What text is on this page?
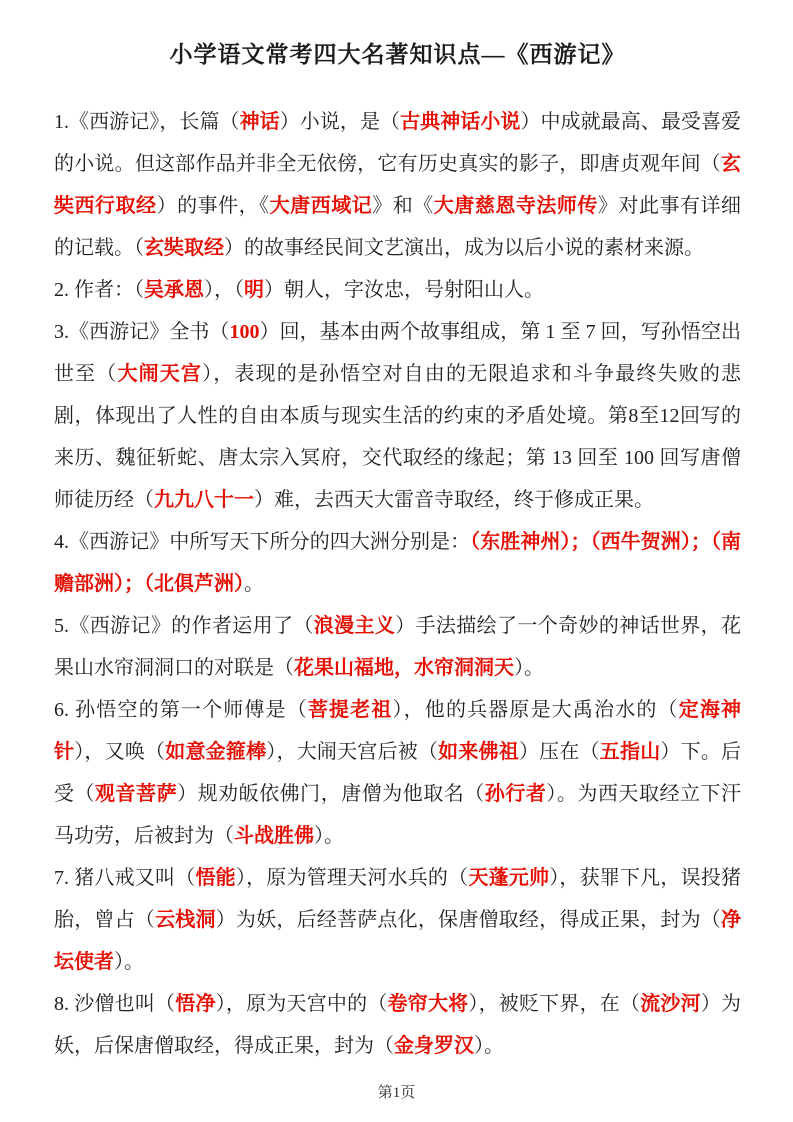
小学语文常考四大名著知识点—《西游记》

1.《西游记》，长篇（神话）小说，是（古典神话小说）中成就最高、最受喜爱的小说。但这部作品并非全无依傍，它有历史真实的影子，即唐贞观年间（玄奘西行取经）的事件，《大唐西域记》和《大唐慈恩寺法师传》对此事有详细的记载。（玄奘取经）的故事经民间文艺演出，成为以后小说的素材来源。

2. 作者：（吴承恩），（明）朝人，字汝忠，号射阳山人。

3.《西游记》全书（100）回，基本由两个故事组成，第 1 至 7 回，写孙悟空出世至（大闹天宫），表现的是孙悟空对自由的无限追求和斗争最终失败的悲剧，体现出了人性的自由本质与现实生活的约束的矛盾处境。第8至12回写的来历、魏征斩蛇、唐太宗入冥府，交代取经的缘起；第 13 回至 100 回写唐僧师徒历经（九九八十一）难，去西天大雷音寺取经，终于修成正果。

4.《西游记》中所写天下所分的四大洲分别是：（东胜神州）；（西牛贺洲）；（南赡部洲）；（北俱芦洲）。

5.《西游记》的作者运用了（浪漫主义）手法描绘了一个奇妙的神话世界，花果山水帘洞洞口的对联是（花果山福地，水帘洞洞天）。

6. 孙悟空的第一个师傅是（菩提老祖），他的兵器原是大禹治水的（定海神针），又唤（如意金箍棒），大闹天宫后被（如来佛祖）压在（五指山）下。后受（观音菩萨）规劝皈依佛门，唐僧为他取名（孙行者）。为西天取经立下汗马功劳，后被封为（斗战胜佛）。

7. 猪八戒又叫（悟能），原为管理天河水兵的（天蓬元帅），获罪下凡，误投猪胎，曾占（云栈洞）为妖，后经菩萨点化，保唐僧取经，得成正果，封为（净坛使者）。

8. 沙僧也叫（悟净），原为天宫中的（卷帘大将），被贬下界，在（流沙河）为妖，后保唐僧取经，得成正果，封为（金身罗汉）。

第1页
